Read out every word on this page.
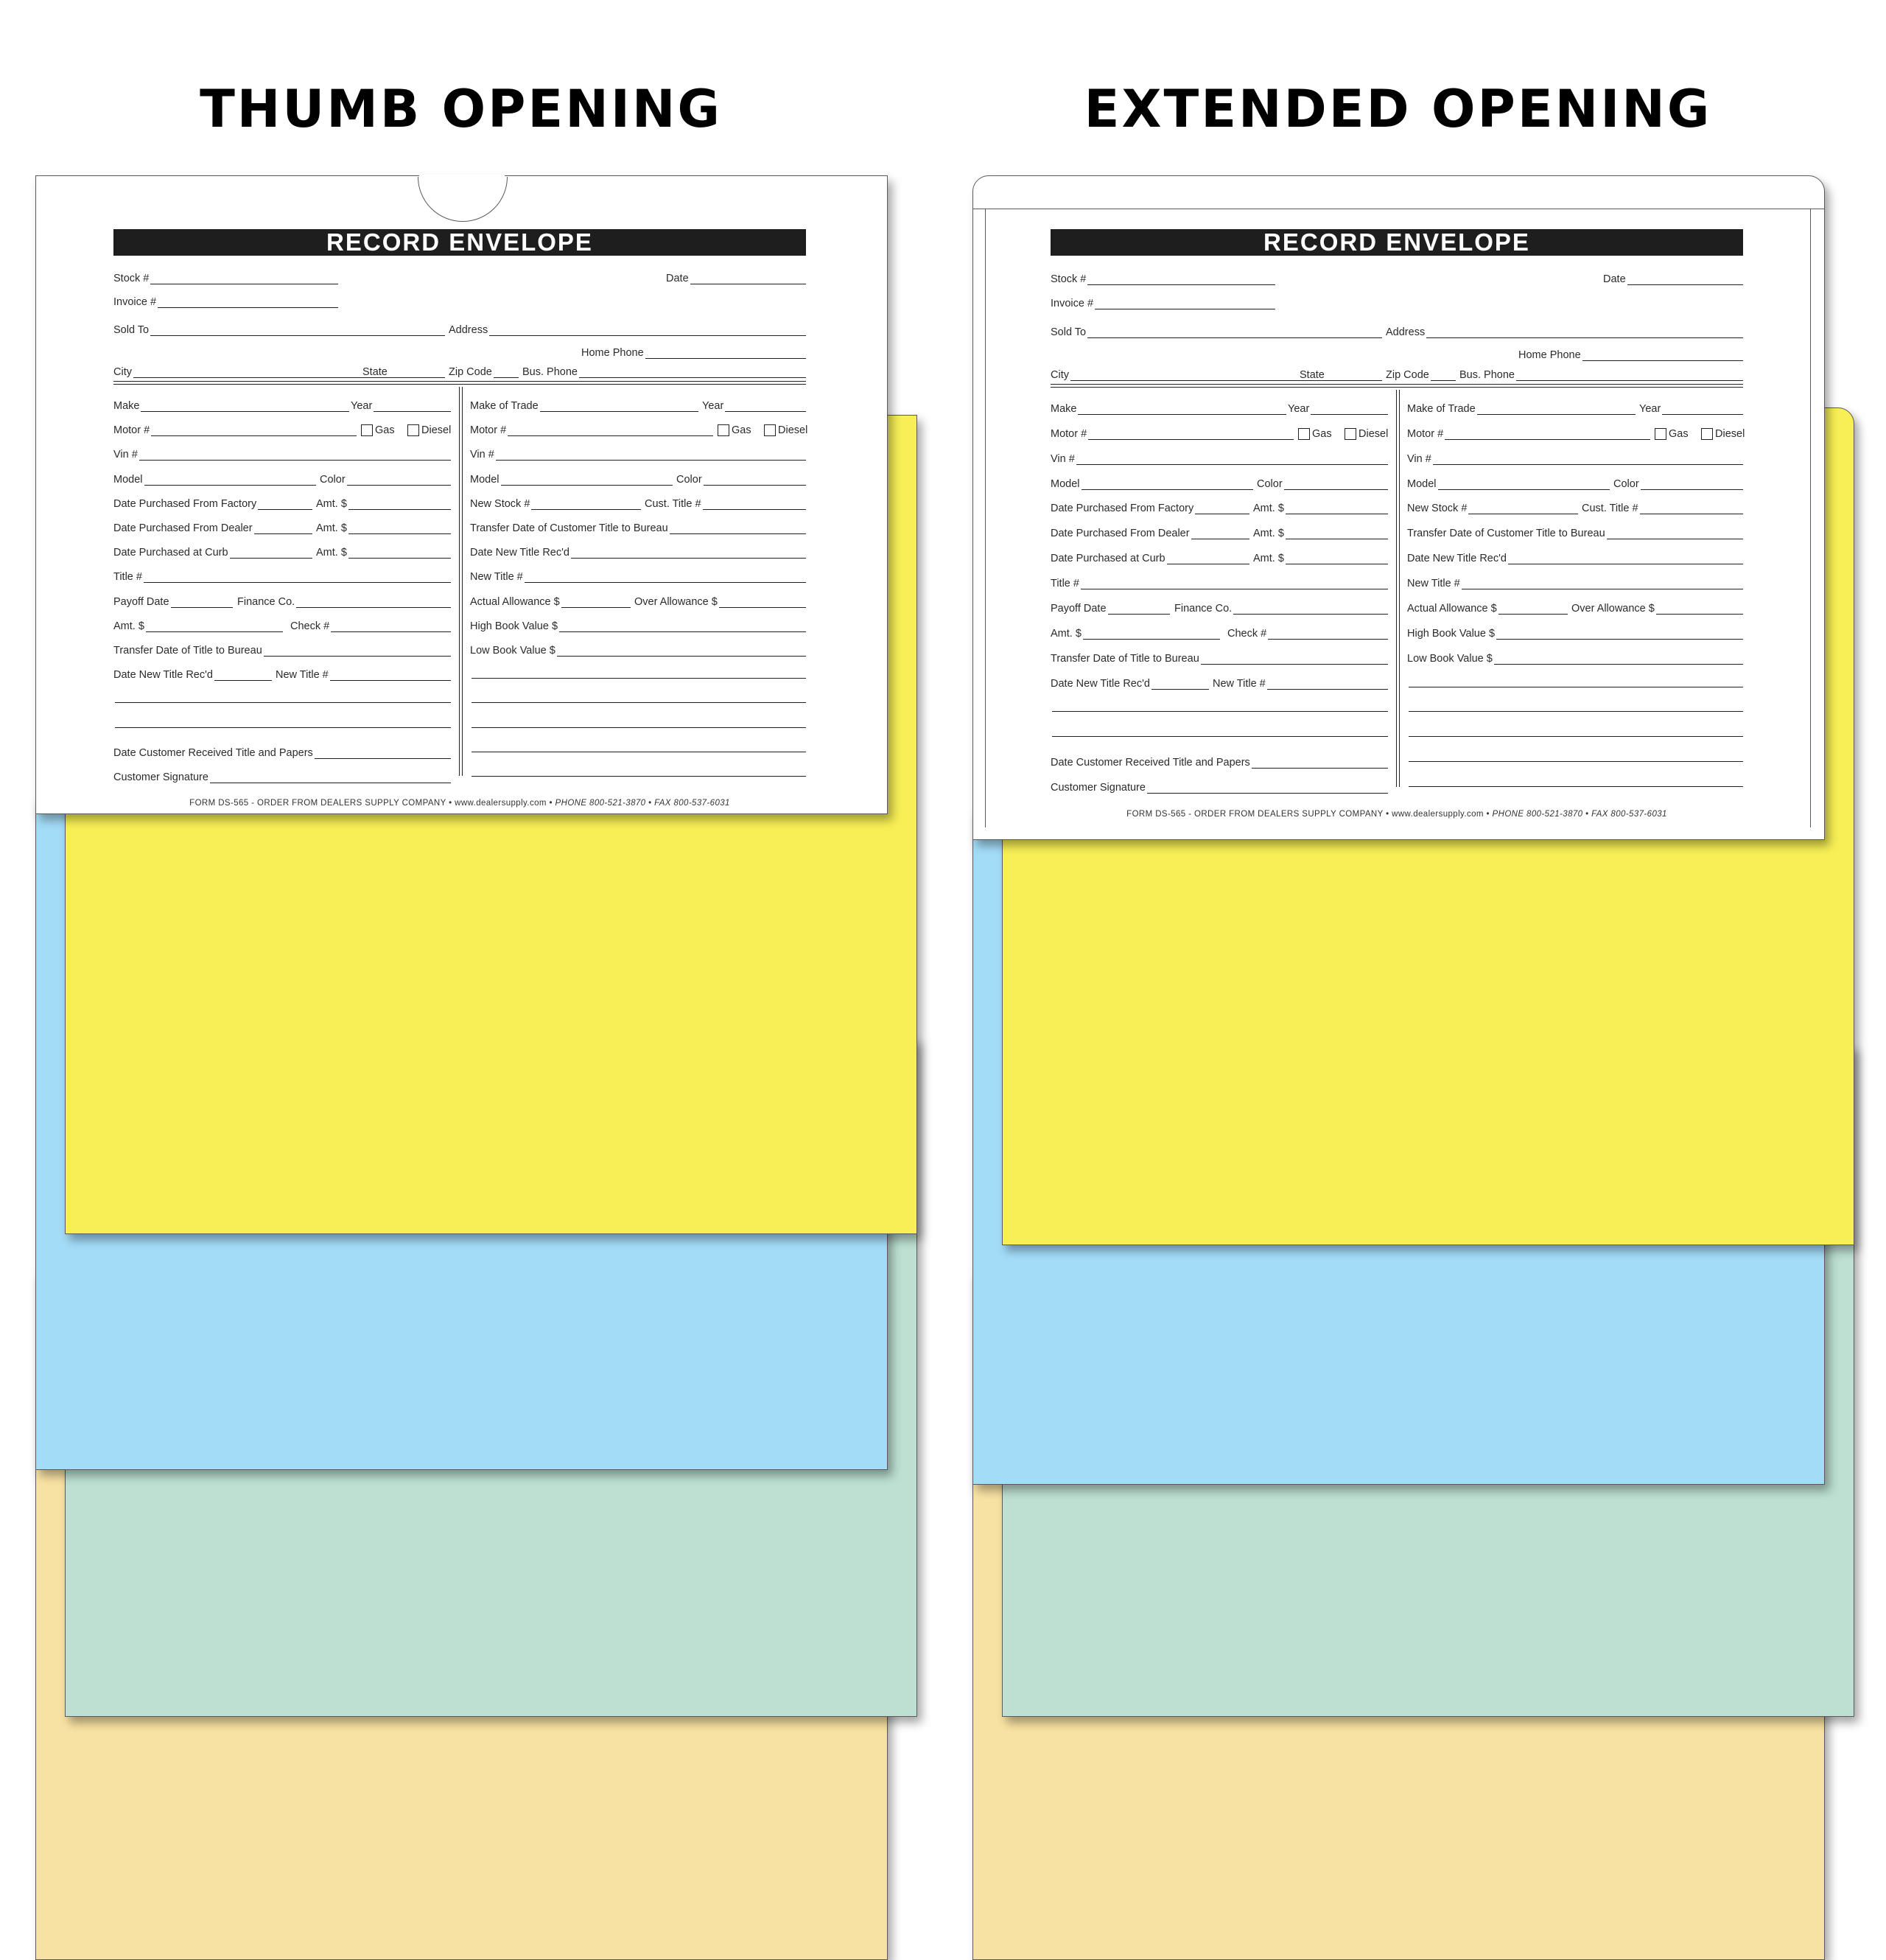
THUMB OPENING	EXTENDED OPENING
RECORD ENVELOPE
Stock #	Date
Invoice #
Sold To	Address
Home Phone
City	State	Zip Code	Bus. Phone
Make	Year
Motor #	Gas	Diesel
Vin #
Model	Color
Date Purchased From Factory	Amt. $
Date Purchased From Dealer	Amt. $
Date Purchased at Curb	Amt. $
Title #
Payoff Date	Finance Co.
Amt. $	Check #
Transfer Date of Title to Bureau
Date New Title Rec'd	New Title #
Date Customer Received Title and Papers
Customer Signature
Make of Trade	Year
Motor #	Gas	Diesel
Vin #
Model	Color
New Stock #	Cust. Title #
Transfer Date of Customer Title to Bureau
Date New Title Rec'd
New Title #
Actual Allowance $	Over Allowance $
High Book Value $
Low Book Value $
FORM DS-565 - ORDER FROM DEALERS SUPPLY COMPANY • www.dealersupply.com • PHONE 800-521-3870 • FAX 800-537-6031
RECORD ENVELOPE
Stock #	Date
Invoice #
Sold To	Address
Home Phone
City	State	Zip Code	Bus. Phone
Make	Year
Motor #	Gas	Diesel
Vin #
Model	Color
Date Purchased From Factory	Amt. $
Date Purchased From Dealer	Amt. $
Date Purchased at Curb	Amt. $
Title #
Payoff Date	Finance Co.
Amt. $	Check #
Transfer Date of Title to Bureau
Date New Title Rec'd	New Title #
Date Customer Received Title and Papers
Customer Signature
Make of Trade	Year
Motor #	Gas	Diesel
Vin #
Model	Color
New Stock #	Cust. Title #
Transfer Date of Customer Title to Bureau
Date New Title Rec'd
New Title #
Actual Allowance $	Over Allowance $
High Book Value $
Low Book Value $
FORM DS-565 - ORDER FROM DEALERS SUPPLY COMPANY • www.dealersupply.com • PHONE 800-521-3870 • FAX 800-537-6031
